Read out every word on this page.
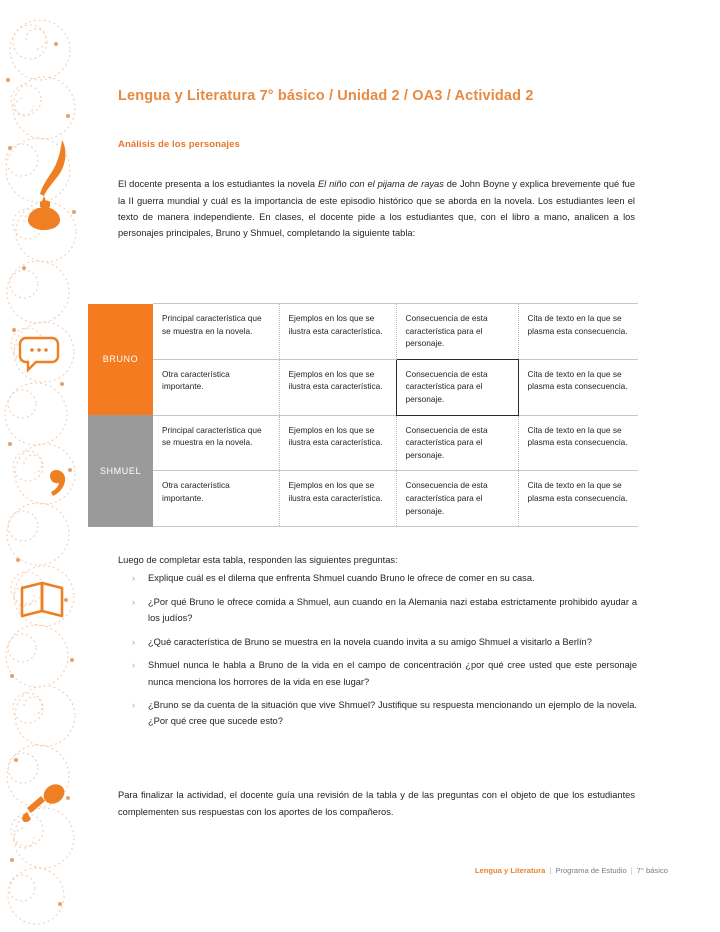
Lengua y Literatura 7° básico / Unidad 2 / OA3 / Actividad 2
Análisis de los personajes

El docente presenta a los estudiantes la novela El niño con el pijama de rayas de John Boyne y explica brevemente qué fue la II guerra mundial y cuál es la importancia de este episodio histórico que se aborda en la novela. Los estudiantes leen el texto de manera independiente. En clases, el docente pide a los estudiantes que, con el libro a mano, analicen a los personajes principales, Bruno y Shmuel, completando la siguiente tabla:

BRUNO	Principal característica que se muestra en la novela.	Ejemplos en los que se ilustra esta característica.	Consecuencia de esta característica para el personaje.	Cita de texto en la que se plasma esta consecuencia.
	Otra característica importante.	Ejemplos en los que se ilustra esta característica.	Consecuencia de esta característica para el personaje.	Cita de texto en la que se plasma esta consecuencia.
SHMUEL	Principal característica que se muestra en la novela.	Ejemplos en los que se ilustra esta característica.	Consecuencia de esta característica para el personaje.	Cita de texto en la que se plasma esta consecuencia.
	Otra característica importante.	Ejemplos en los que se ilustra esta característica.	Consecuencia de esta característica para el personaje.	Cita de texto en la que se plasma esta consecuencia.
Luego de completar esta tabla, responden las siguientes preguntas:
› Explique cuál es el dilema que enfrenta Shmuel cuando Bruno le ofrece de comer en su casa.
› ¿Por qué Bruno le ofrece comida a Shmuel, aun cuando en la Alemania nazi estaba estrictamente prohibido ayudar a los judíos?
› ¿Qué característica de Bruno se muestra en la novela cuando invita a su amigo Shmuel a visitarlo a Berlín?
› Shmuel nunca le habla a Bruno de la vida en el campo de concentración ¿por qué cree usted que este personaje nunca menciona los horrores de la vida en ese lugar?
› ¿Bruno se da cuenta de la situación que vive Shmuel? Justifique su respuesta mencionando un ejemplo de la novela. ¿Por qué cree que sucede esto?

Para finalizar la actividad, el docente guía una revisión de la tabla y de las preguntas con el objeto de que los estudiantes complementen sus respuestas con los aportes de los compañeros.

Lengua y Literatura | Programa de Estudio | 7° básico
